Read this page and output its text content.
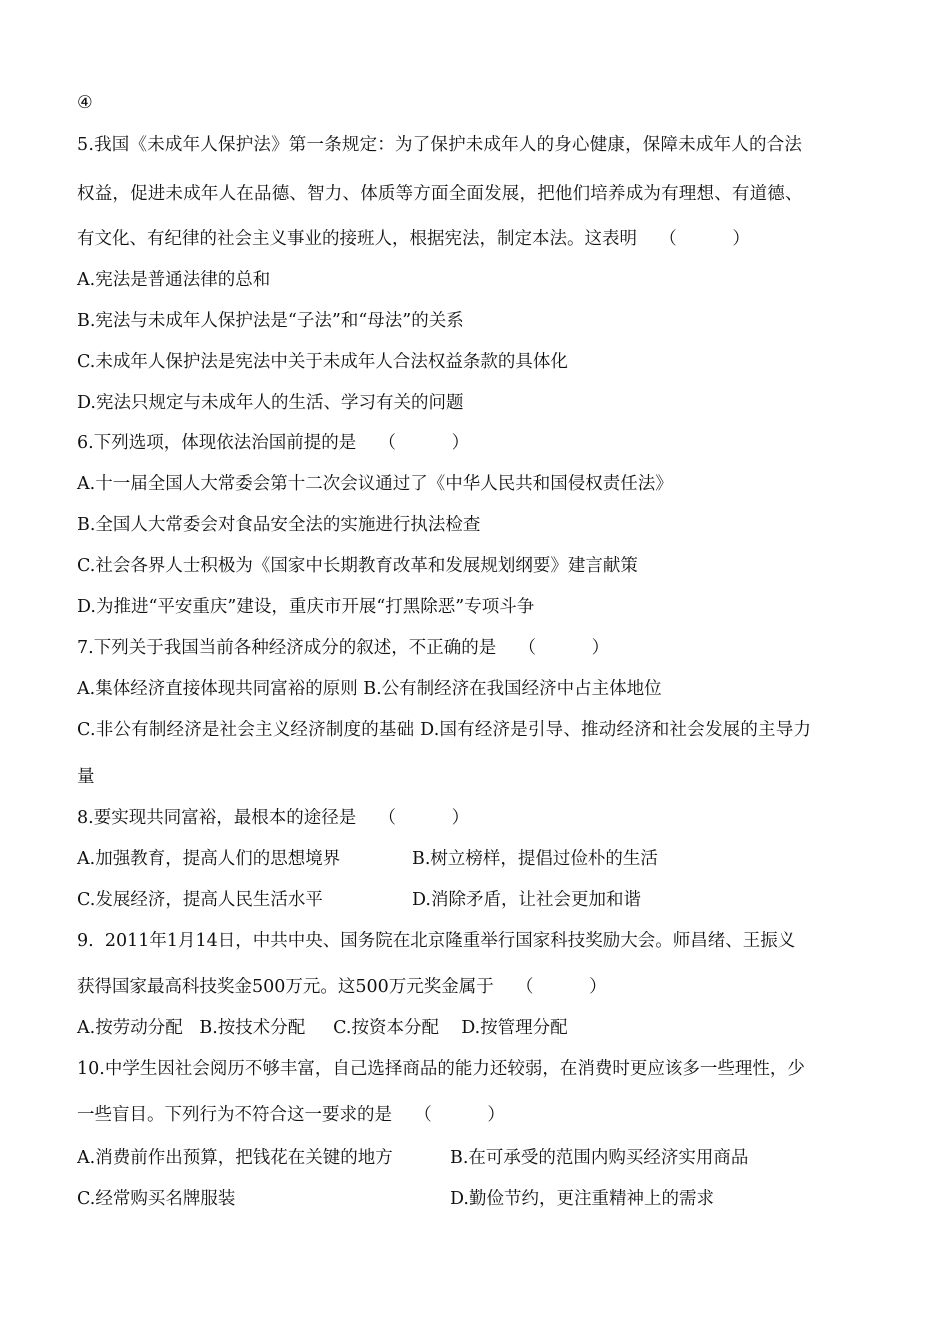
④
5.我国《未成年人保护法》第一条规定：为了保护未成年人的身心健康，保障未成年人的合法
权益，促进未成年人在品德、智力、体质等方面全面发展，把他们培养成为有理想、有道德、
有文化、有纪律的社会主义事业的接班人，根据宪法，制定本法。这表明    （          ）
A.宪法是普通法律的总和
B.宪法与未成年人保护法是“子法”和“母法”的关系
C.未成年人保护法是宪法中关于未成年人合法权益条款的具体化
D.宪法只规定与未成年人的生活、学习有关的问题
6.下列选项，体现依法治国前提的是    （          ）
A.十一届全国人大常委会第十二次会议通过了《中华人民共和国侵权责任法》
B.全国人大常委会对食品安全法的实施进行执法检查
C.社会各界人士积极为《国家中长期教育改革和发展规划纲要》建言献策
D.为推进“平安重庆”建设，重庆市开展“打黑除恶”专项斗争
7.下列关于我国当前各种经济成分的叙述，不正确的是    （          ）
A.集体经济直接体现共同富裕的原则 B.公有制经济在我国经济中占主体地位
C.非公有制经济是社会主义经济制度的基础 D.国有经济是引导、推动经济和社会发展的主导力
量
8.要实现共同富裕，最根本的途径是    （          ）
A.加强教育，提高人们的思想境界	B.树立榜样，提倡过俭朴的生活
C.发展经济，提高人民生活水平	D.消除矛盾，让社会更加和谐
9.  2011年1月14日，中共中央、国务院在北京隆重举行国家科技奖励大会。师昌绪、王振义
获得国家最高科技奖金500万元。这500万元奖金属于    （          ）
A.按劳动分配   B.按技术分配     C.按资本分配    D.按管理分配
10.中学生因社会阅历不够丰富，自己选择商品的能力还较弱，在消费时更应该多一些理性，少
一些盲目。下列行为不符合这一要求的是    （          ）
A.消费前作出预算，把钱花在关键的地方	B.在可承受的范围内购买经济实用商品
C.经常购买名牌服装	D.勤俭节约，更注重精神上的需求
